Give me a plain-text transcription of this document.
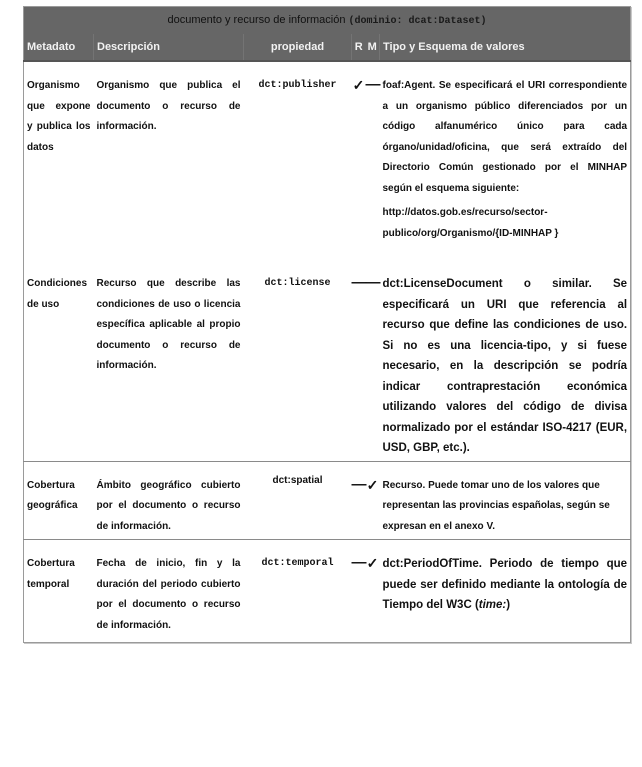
documento y recurso de información (dominio: dcat:Dataset)					
Metadato	Descripción	propiedad	R	M	Tipo y Esquema de valores
Organismo que expone y publica los datos	Organismo que publica el documento o recurso de información.	dct:publisher	✓	—	foaf:Agent. Se especificará el URI correspondiente a un organismo público diferenciados por un código alfanumérico único para cada órgano/unidad/oficina, que será extraído del Directorio Común gestionado por el MINHAP según el esquema siguiente:

http://datos.gob.es/recurso/sector-publico/org/Organismo/{ID-MINHAP }

Condiciones de uso	Recurso que describe las condiciones de uso o licencia específica aplicable al propio documento o recurso de información.	dct:license	—	—	dct:LicenseDocument o similar. Se especificará un URI que referencia al recurso que define las condiciones de uso. Si no es una licencia-tipo, y si fuese necesario, en la descripción se podría indicar contraprestación económica utilizando valores del código de divisa normalizado por el estándar ISO-4217 (EUR, USD, GBP, etc.).
Cobertura geográfica	Ámbito geográfico cubierto por el documento o recurso de información.	dct:spatial	—	✓	Recurso. Puede tomar uno de los valores que representan las provincias españolas, según se expresan en el anexo V.
Cobertura temporal	Fecha de inicio, fin y la duración del periodo cubierto por el documento o recurso de información.	dct:temporal	—	✓	dct:PeriodOfTime. Periodo de tiempo que puede ser definido mediante la ontología de Tiempo del W3C (time:)
